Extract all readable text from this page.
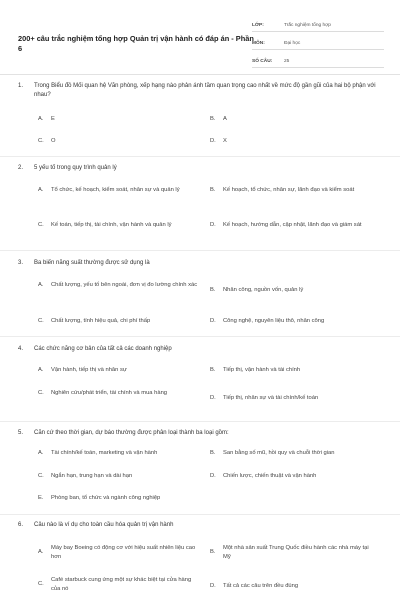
200+ câu trắc nghiệm tổng hợp Quản trị vận hành có đáp án - Phần 6
LỚP:	Trắc nghiệm tổng hợp
MÔN:	Đại học
SỐ CÂU:	25
1.	Trong Biểu đồ Mối quan hệ Văn phòng, xếp hạng nào phản ánh tầm quan trọng cao nhất về mức độ gần gũi của hai bộ phận với nhau?
A.	E	B.	A
C.	O	D.	X
2.	5 yếu tố trong quy trình quản lý
A.	Tổ chức, kế hoạch, kiểm soát, nhân sự và quản lý	B.	Kế hoạch, tổ chức, nhân sự, lãnh đạo và kiểm soát
C.	Kế toán, tiếp thị, tài chính, vận hành và quản lý	D.	Kế hoạch, hướng dẫn, cập nhật, lãnh đạo và giám sát
3.	Ba biến năng suất thường được sử dụng là
A.	Chất lượng, yếu tố bên ngoài, đơn vị đo lường chính xác
B.	Nhân công, nguồn vốn, quản lý
C.	Chất lượng, tính hiệu quả, chi phí thấp	D.	Công nghệ, nguyên liệu thô, nhân công
4.	Các chức năng cơ bản của tất cả các doanh nghiệp
A.	Vận hành, tiếp thị và nhân sự	B.	Tiếp thị, vận hành và tài chính
C.	Nghiên cứu/phát triển, tài chính và mua hàng
D.	Tiếp thị, nhân sự và tài chính/kế toán
5.	Căn cứ theo thời gian, dự báo thường được phân loại thành ba loại gồm:
A.	Tài chính/kế toán, marketing và vận hành	B.	San bằng số mũ, hồi quy và chuỗi thời gian
C.	Ngắn hạn, trung hạn và dài hạn	D.	Chiến lược, chiến thuật và vận hành
E.	Phòng ban, tổ chức và ngành công nghiệp
6.	Câu nào là ví dụ cho toàn cầu hóa quản trị vận hành
A.
Máy bay Boeing có động cơ với hiệu suất nhiên liệu cao hơn
B.
Một nhà sản xuất Trung Quốc điều hành các nhà máy tại Mỹ
C.
Café starbuck cung ứng một sự khác biệt tại cửa hàng của nó	D.	Tất cả các câu trên đều đúng
